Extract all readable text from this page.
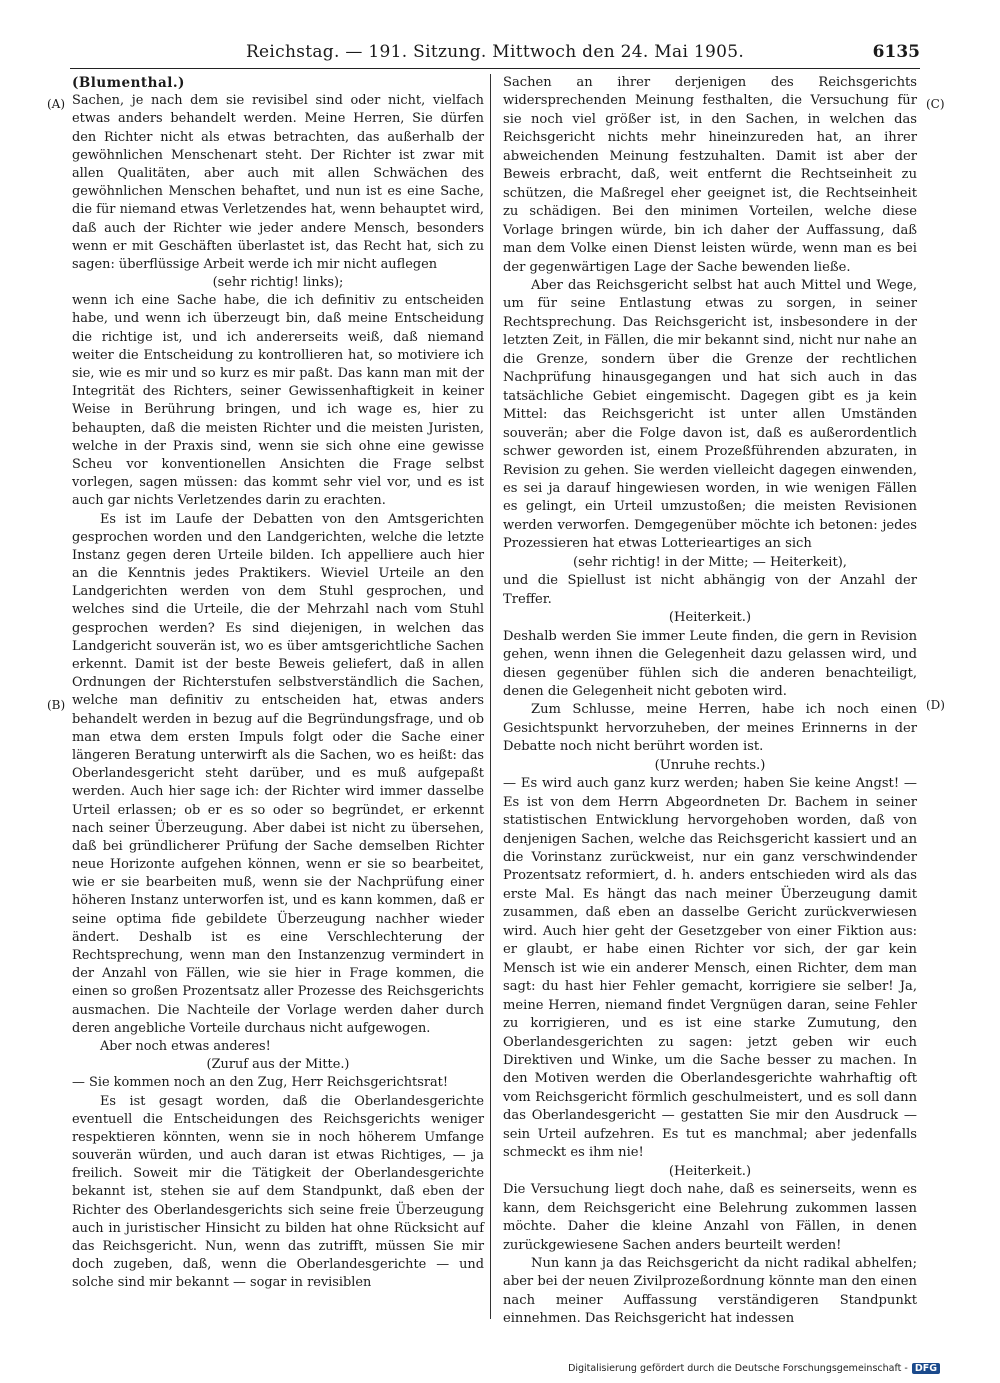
Reichstag. — 191. Sitzung. Mittwoch den 24. Mai 1905.	6135
(A)
(B)
(C)
(D)

(Blumenthal.)

Sachen, je nach dem sie revisibel sind oder nicht, vielfach etwas anders behandelt werden. Meine Herren, Sie dürfen den Richter nicht als etwas betrachten, das außerhalb der gewöhnlichen Menschenart steht. Der Richter ist zwar mit allen Qualitäten, aber auch mit allen Schwächen des gewöhnlichen Menschen behaftet, und nun ist es eine Sache, die für niemand etwas Verletzendes hat, wenn behauptet wird, daß auch der Richter wie jeder andere Mensch, besonders wenn er mit Geschäften überlastet ist, das Recht hat, sich zu sagen: überflüssige Arbeit werde ich mir nicht auflegen

(sehr richtig! links);

wenn ich eine Sache habe, die ich definitiv zu entscheiden habe, und wenn ich überzeugt bin, daß meine Entscheidung die richtige ist, und ich andererseits weiß, daß niemand weiter die Entscheidung zu kontrollieren hat, so motiviere ich sie, wie es mir und so kurz es mir paßt. Das kann man mit der Integrität des Richters, seiner Gewissenhaftigkeit in keiner Weise in Berührung bringen, und ich wage es, hier zu behaupten, daß die meisten Richter und die meisten Juristen, welche in der Praxis sind, wenn sie sich ohne eine gewisse Scheu vor konventionellen Ansichten die Frage selbst vorlegen, sagen müssen: das kommt sehr viel vor, und es ist auch gar nichts Verletzendes darin zu erachten.

Es ist im Laufe der Debatten von den Amtsgerichten gesprochen worden und den Landgerichten, welche die letzte Instanz gegen deren Urteile bilden. Ich appelliere auch hier an die Kenntnis jedes Praktikers. Wieviel Urteile an den Landgerichten werden von dem Stuhl gesprochen, und welches sind die Urteile, die der Mehrzahl nach vom Stuhl gesprochen werden? Es sind diejenigen, in welchen das Landgericht souverän ist, wo es über amtsgerichtliche Sachen erkennt. Damit ist der beste Beweis geliefert, daß in allen Ordnungen der Richterstufen selbstverständlich die Sachen, welche man definitiv zu entscheiden hat, etwas anders behandelt werden in bezug auf die Begründungsfrage, und ob man etwa dem ersten Impuls folgt oder die Sache einer längeren Beratung unterwirft als die Sachen, wo es heißt: das Oberlandesgericht steht darüber, und es muß aufgepaßt werden. Auch hier sage ich: der Richter wird immer dasselbe Urteil erlassen; ob er es so oder so begründet, er erkennt nach seiner Überzeugung. Aber dabei ist nicht zu übersehen, daß bei gründlicherer Prüfung der Sache demselben Richter neue Horizonte aufgehen können, wenn er sie so bearbeitet, wie er sie bearbeiten muß, wenn sie der Nachprüfung einer höheren Instanz unterworfen ist, und es kann kommen, daß er seine optima fide gebildete Überzeugung nachher wieder ändert. Deshalb ist es eine Verschlechterung der Rechtsprechung, wenn man den Instanzenzug vermindert in der Anzahl von Fällen, wie sie hier in Frage kommen, die einen so großen Prozentsatz aller Prozesse des Reichsgerichts ausmachen. Die Nachteile der Vorlage werden daher durch deren angebliche Vorteile durchaus nicht aufgewogen.

Aber noch etwas anderes!

(Zuruf aus der Mitte.)

— Sie kommen noch an den Zug, Herr Reichsgerichtsrat!

Es ist gesagt worden, daß die Oberlandesgerichte eventuell die Entscheidungen des Reichsgerichts weniger respektieren könnten, wenn sie in noch höherem Umfange souverän würden, und auch daran ist etwas Richtiges, — ja freilich. Soweit mir die Tätigkeit der Oberlandesgerichte bekannt ist, stehen sie auf dem Standpunkt, daß eben der Richter des Oberlandesgerichts sich seine freie Überzeugung auch in juristischer Hinsicht zu bilden hat ohne Rücksicht auf das Reichsgericht. Nun, wenn das zutrifft, müssen Sie mir doch zugeben, daß, wenn die Oberlandesgerichte — und solche sind mir bekannt — sogar in revisiblen

Sachen an ihrer derjenigen des Reichsgerichts widersprechenden Meinung festhalten, die Versuchung für sie noch viel größer ist, in den Sachen, in welchen das Reichsgericht nichts mehr hineinzureden hat, an ihrer abweichenden Meinung festzuhalten. Damit ist aber der Beweis erbracht, daß, weit entfernt die Rechtseinheit zu schützen, die Maßregel eher geeignet ist, die Rechtseinheit zu schädigen. Bei den minimen Vorteilen, welche diese Vorlage bringen würde, bin ich daher der Auffassung, daß man dem Volke einen Dienst leisten würde, wenn man es bei der gegenwärtigen Lage der Sache bewenden ließe.

Aber das Reichsgericht selbst hat auch Mittel und Wege, um für seine Entlastung etwas zu sorgen, in seiner Rechtsprechung. Das Reichsgericht ist, insbesondere in der letzten Zeit, in Fällen, die mir bekannt sind, nicht nur nahe an die Grenze, sondern über die Grenze der rechtlichen Nachprüfung hinausgegangen und hat sich auch in das tatsächliche Gebiet eingemischt. Dagegen gibt es ja kein Mittel: das Reichsgericht ist unter allen Umständen souverän; aber die Folge davon ist, daß es außerordentlich schwer geworden ist, einem Prozeßführenden abzuraten, in Revision zu gehen. Sie werden vielleicht dagegen einwenden, es sei ja darauf hingewiesen worden, in wie wenigen Fällen es gelingt, ein Urteil umzustoßen; die meisten Revisionen werden verworfen. Demgegenüber möchte ich betonen: jedes Prozessieren hat etwas Lotterieartiges an sich

(sehr richtig! in der Mitte; — Heiterkeit),

und die Spiellust ist nicht abhängig von der Anzahl der Treffer.

(Heiterkeit.)

Deshalb werden Sie immer Leute finden, die gern in Revision gehen, wenn ihnen die Gelegenheit dazu gelassen wird, und diesen gegenüber fühlen sich die anderen benachteiligt, denen die Gelegenheit nicht geboten wird.

Zum Schlusse, meine Herren, habe ich noch einen Gesichtspunkt hervorzuheben, der meines Erinnerns in der Debatte noch nicht berührt worden ist.

(Unruhe rechts.)

— Es wird auch ganz kurz werden; haben Sie keine Angst! — Es ist von dem Herrn Abgeordneten Dr. Bachem in seiner statistischen Entwicklung hervorgehoben worden, daß von denjenigen Sachen, welche das Reichsgericht kassiert und an die Vorinstanz zurückweist, nur ein ganz verschwindender Prozentsatz reformiert, d. h. anders entschieden wird als das erste Mal. Es hängt das nach meiner Überzeugung damit zusammen, daß eben an dasselbe Gericht zurückverwiesen wird. Auch hier geht der Gesetzgeber von einer Fiktion aus: er glaubt, er habe einen Richter vor sich, der gar kein Mensch ist wie ein anderer Mensch, einen Richter, dem man sagt: du hast hier Fehler gemacht, korrigiere sie selber! Ja, meine Herren, niemand findet Vergnügen daran, seine Fehler zu korrigieren, und es ist eine starke Zumutung, den Oberlandesgerichten zu sagen: jetzt geben wir euch Direktiven und Winke, um die Sache besser zu machen. In den Motiven werden die Oberlandesgerichte wahrhaftig oft vom Reichsgericht förmlich geschulmeistert, und es soll dann das Oberlandesgericht — gestatten Sie mir den Ausdruck — sein Urteil aufzehren. Es tut es manchmal; aber jedenfalls schmeckt es ihm nie!

(Heiterkeit.)

Die Versuchung liegt doch nahe, daß es seinerseits, wenn es kann, dem Reichsgericht eine Belehrung zukommen lassen möchte. Daher die kleine Anzahl von Fällen, in denen zurückgewiesene Sachen anders beurteilt werden!

Nun kann ja das Reichsgericht da nicht radikal abhelfen; aber bei der neuen Zivilprozeßordnung könnte man den einen nach meiner Auffassung verständigeren Standpunkt einnehmen. Das Reichsgericht hat indessen

Digitalisierung gefördert durch die Deutsche Forschungsgemeinschaft - DFG
